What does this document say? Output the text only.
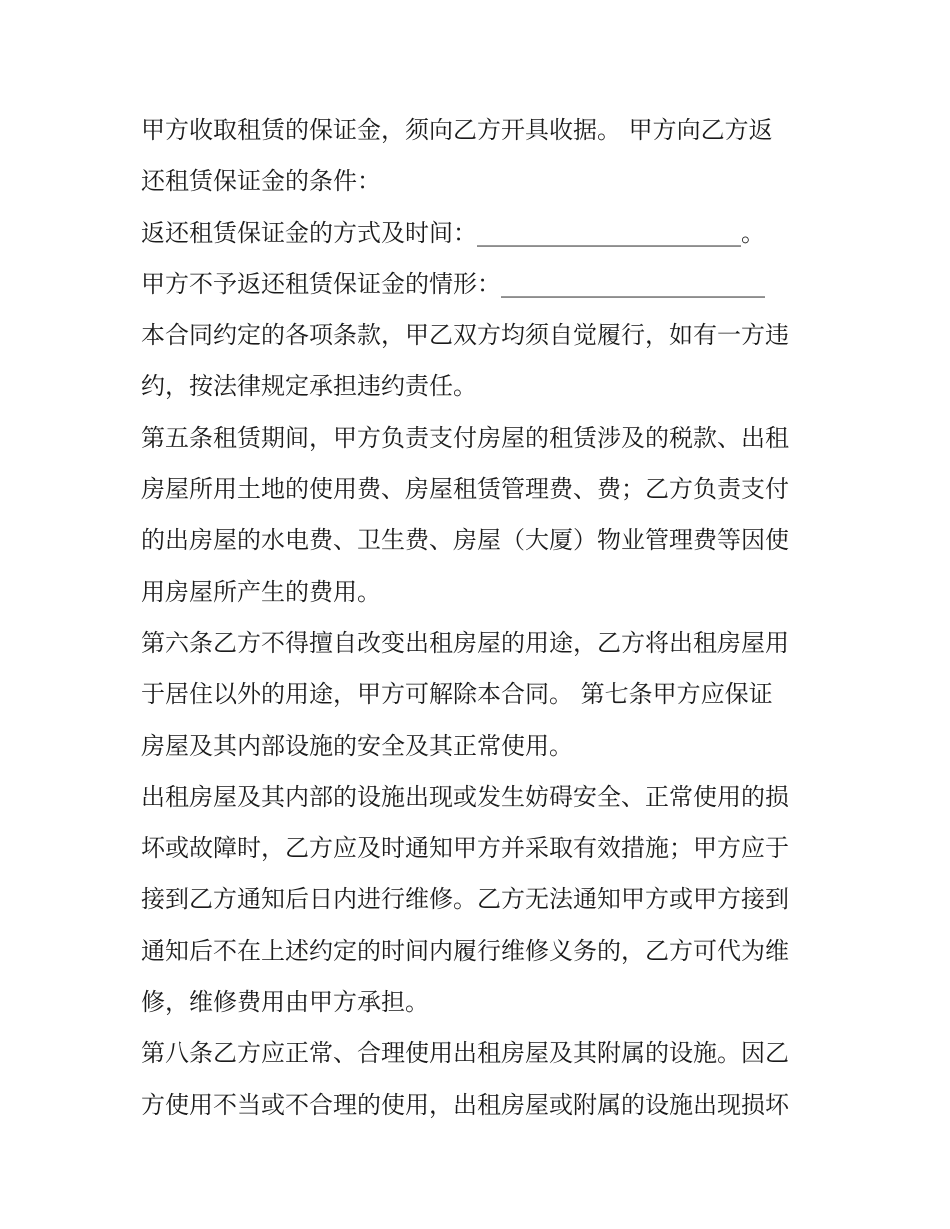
甲方收取租赁的保证金，须向乙方开具收据。 甲方向乙方返
还租赁保证金的条件：
返还租赁保证金的方式及时间：______________________。
甲方不予返还租赁保证金的情形：______________________
本合同约定的各项条款，甲乙双方均须自觉履行，如有一方违
约，按法律规定承担违约责任。
第五条租赁期间，甲方负责支付房屋的租赁涉及的税款、出租
房屋所用土地的使用费、房屋租赁管理费、费；乙方负责支付
的出房屋的水电费、卫生费、房屋（大厦）物业管理费等因使
用房屋所产生的费用。
第六条乙方不得擅自改变出租房屋的用途，乙方将出租房屋用
于居住以外的用途，甲方可解除本合同。 第七条甲方应保证
房屋及其内部设施的安全及其正常使用。
出租房屋及其内部的设施出现或发生妨碍安全、正常使用的损
坏或故障时，乙方应及时通知甲方并采取有效措施；甲方应于
接到乙方通知后日内进行维修。乙方无法通知甲方或甲方接到
通知后不在上述约定的时间内履行维修义务的，乙方可代为维
修，维修费用由甲方承担。
第八条乙方应正常、合理使用出租房屋及其附属的设施。因乙
方使用不当或不合理的使用，出租房屋或附属的设施出现损坏
